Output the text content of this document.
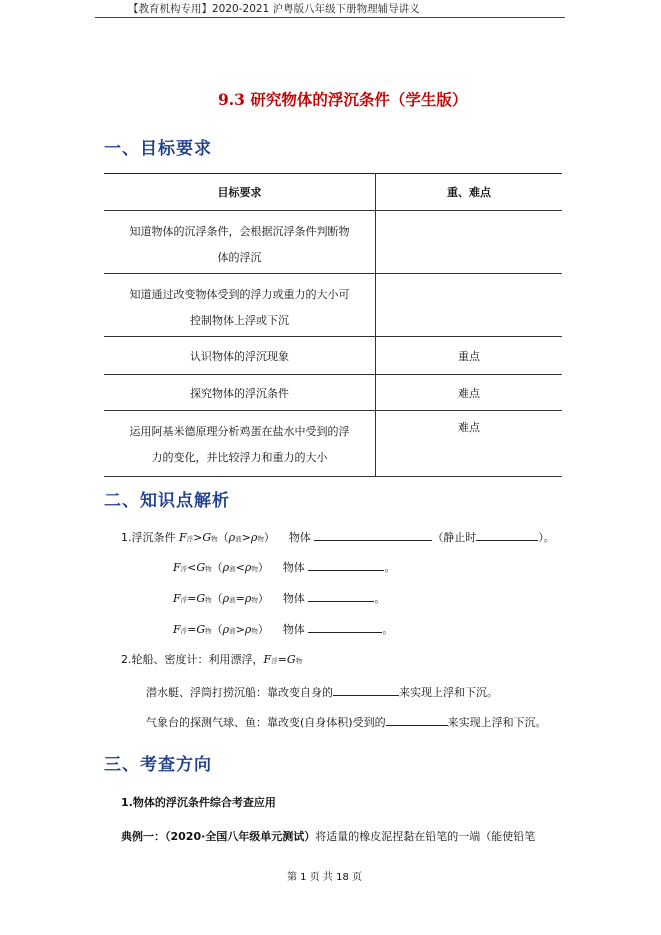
【教育机构专用】2020-2021 沪粤版八年级下册物理辅导讲义
9.3 研究物体的浮沉条件（学生版）
一、目标要求
目标要求	重、难点

知道物体的沉浮条件，会根据沉浮条件判断物
体的浮沉	

知道通过改变物体受到的浮力或重力的大小可
控制物体上浮或下沉	

认识物体的浮沉现象	重点

探究物体的浮沉条件	难点

运用阿基米德原理分析鸡蛋在盐水中受到的浮
力的变化，并比较浮力和重力的大小	难点
二、知识点解析
1.浮沉条件 F浮>G物（ρ液>ρ物）    物体	（静止时	）。
F浮<G物（ρ液<ρ物）    物体	。
F浮=G物（ρ液=ρ物）    物体	。
F浮=G物（ρ液>ρ物）    物体	。
2.轮船、密度计：利用漂浮，F浮=G物
潜水艇、浮筒打捞沉船：靠改变自身的	来实现上浮和下沉。
气象台的探测气球、鱼：靠改变(自身体积)受到的	来实现上浮和下沉。
三、考查方向
1.物体的浮沉条件综合考查应用
典例一：（2020·全国八年级单元测试）将适量的橡皮泥捏黏在铅笔的一端（能使铅笔
第 1 页 共 18 页
